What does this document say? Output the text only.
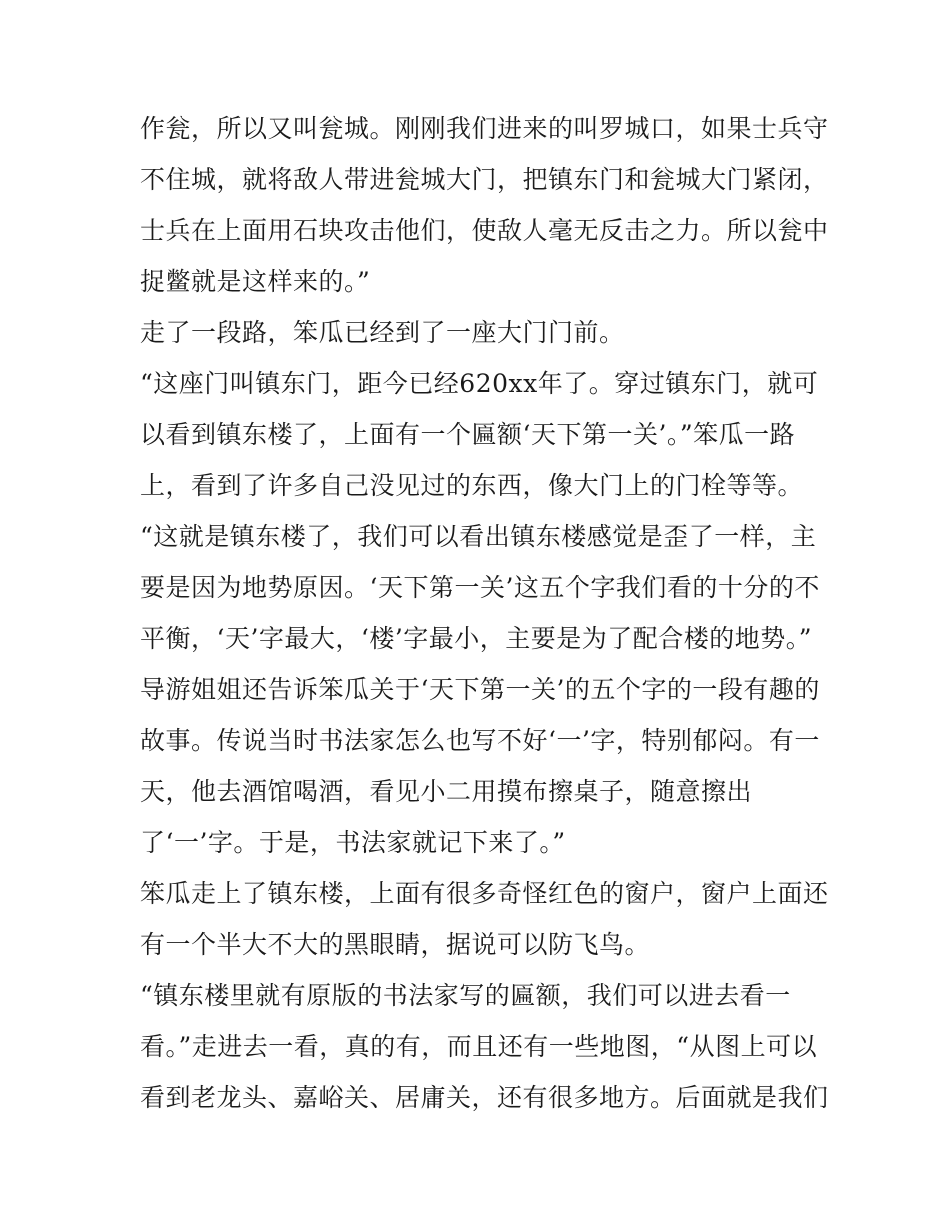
作瓮，所以又叫瓮城。刚刚我们进来的叫罗城口，如果士兵守
不住城，就将敌人带进瓮城大门，把镇东门和瓮城大门紧闭，
士兵在上面用石块攻击他们，使敌人毫无反击之力。所以瓮中
捉鳖就是这样来的。”
走了一段路，笨瓜已经到了一座大门门前。
“这座门叫镇东门，距今已经620xx年了。穿过镇东门，就可
以看到镇东楼了，上面有一个匾额‘天下第一关’。”笨瓜一路
上，看到了许多自己没见过的东西，像大门上的门栓等等。
“这就是镇东楼了，我们可以看出镇东楼感觉是歪了一样，主
要是因为地势原因。‘天下第一关’这五个字我们看的十分的不
平衡，‘天’字最大，‘楼’字最小，主要是为了配合楼的地势。”
导游姐姐还告诉笨瓜关于‘天下第一关’的五个字的一段有趣的
故事。传说当时书法家怎么也写不好‘一’字，特别郁闷。有一
天，他去酒馆喝酒，看见小二用摸布擦桌子，随意擦出
了‘一’字。于是，书法家就记下来了。”
笨瓜走上了镇东楼，上面有很多奇怪红色的窗户，窗户上面还
有一个半大不大的黑眼睛，据说可以防飞鸟。
“镇东楼里就有原版的书法家写的匾额，我们可以进去看一
看。”走进去一看，真的有，而且还有一些地图，“从图上可以
看到老龙头、嘉峪关、居庸关，还有很多地方。后面就是我们
